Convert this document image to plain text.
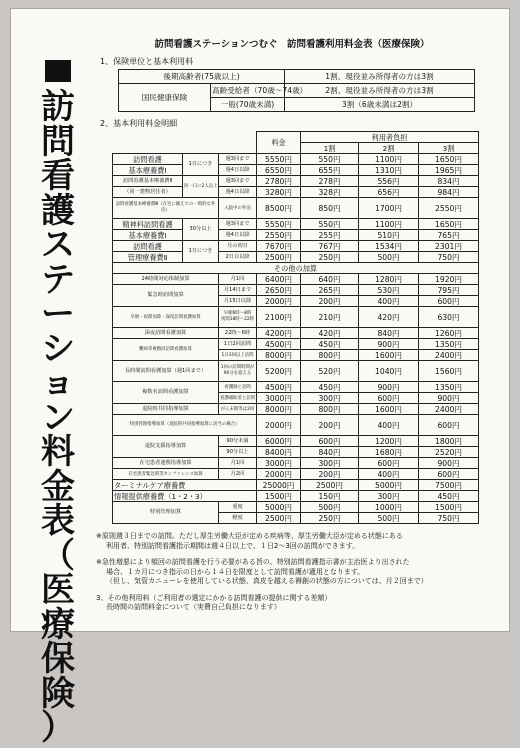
訪
問
看
護
ス
テ
ー
シ
ョ
ン
料
金
表
（
医
療
保
険
）
訪問看護ステーションつむぐ　訪問看護利用料金表（医療保険）
1、保険単位と基本利用料
後期高齢者(75歳以上)		1割、現役並み所得者の方は3割
国民健康保険	高齢受給者（70歳～74歳）	2割、現役並み所得者の方は3割
	一般(70歳未満)	3割（6歳未満は2割）
2、基本利用料金明細
			料金	利用者負担		
				1割	2割	3割
訪問看護	1日につき	週3回まで	5550円	550円	1100円	1650円
基本療養費Ⅰ		週4日以降	6550円	655円	1310円	1965円
訪問看護基本療養費Ⅱ	同一日に2人以上	週3回まで	2780円	278円	556円	834円
（同一建物居住者）		週4日以降	3280円	328円	656円	984円
訪問看護基本療養費Ⅲ（在宅に備えての一時的な外泊）		入院中の外泊	8500円	850円	1700円	2550円
精神科訪問看護	30分以上	週3回まで	5550円	550円	1100円	1650円
基本療養費Ⅰ		週4日以降	2550円	255円	510円	765円
訪問看護	1日につき	月の初日	7670円	767円	1534円	2301円
管理療養費Ⅱ		2日目以降	2500円	250円	500円	750円
その他の加算						
24時間対応体制加算		月1回	6400円	640円	1280円	1920円
緊急時訪問加算		月14日まで	2650円	265円	530円	795円
		月15日以降	2000円	200円	400円	600円
早朝・夜間加算・深夜訪問看護加算		早朝6時～8時　夜間18時～22時	2100円	210円	420円	630円
深夜訪問看護加算		22時～6時	4200円	420円	840円	1260円
難病等複数回訪問看護加算		1日2回訪問	4500円	450円	900円	1350円
		1日3回以上訪問	8000円	800円	1600円	2400円
長時間訪問看護加算（週1回まで）		1回の訪問時間が90分を超える	5200円	520円	1040円	1560円
複数名訪問看護加算		看護師と訪問	4500円	450円	900円	1350円
		看護補助者と訪問	3000円	300円	600円	900円
退院時共同指導加算		がん末期等は2回	8000円	800円	1600円	2400円
特別管理指導加算（退院時共同指導加算に該当の場合）			2000円	200円	400円	600円
退院支援指導加算		90分未満	6000円	600円	1200円	1800円
		90分以上	8400円	840円	1680円	2520円
在宅患者連携指導加算		月1回	3000円	300円	600円	900円
在宅患者緊急時等カンファレンス加算		月2回	2000円	200円	400円	600円
ターミナルケア療養費			25000円	2500円	5000円	7500円
情報提供療養費（1・2・3）			1500円	150円	300円	450円
特別管理加算		重度	5000円	500円	1000円	1500円
		軽度	2500円	250円	500円	750円

※原則週３日までの訪問。ただし厚生労働大臣が定める疾病等、厚生労働大臣が定める状態にある
利用者、特別訪問看護指示期間は週４日以上で、１日2～3回の訪問ができます。

※急性増悪により頻回の訪問看護を行う必要がある旨の、特別訪問看護指示書が主治医より出された
場合、１カ月につき指示の日から１４日を限度として訪問看護が適用となります。
（但し、気管カニューレを使用している状態、真皮を越える褥創の状態の方については、月２回まで）

3、その他利用料（ご利用者の選定にかかる訪問看護の提供に関する差額）
長時間の訪問料金について（実費自己負担になります）
